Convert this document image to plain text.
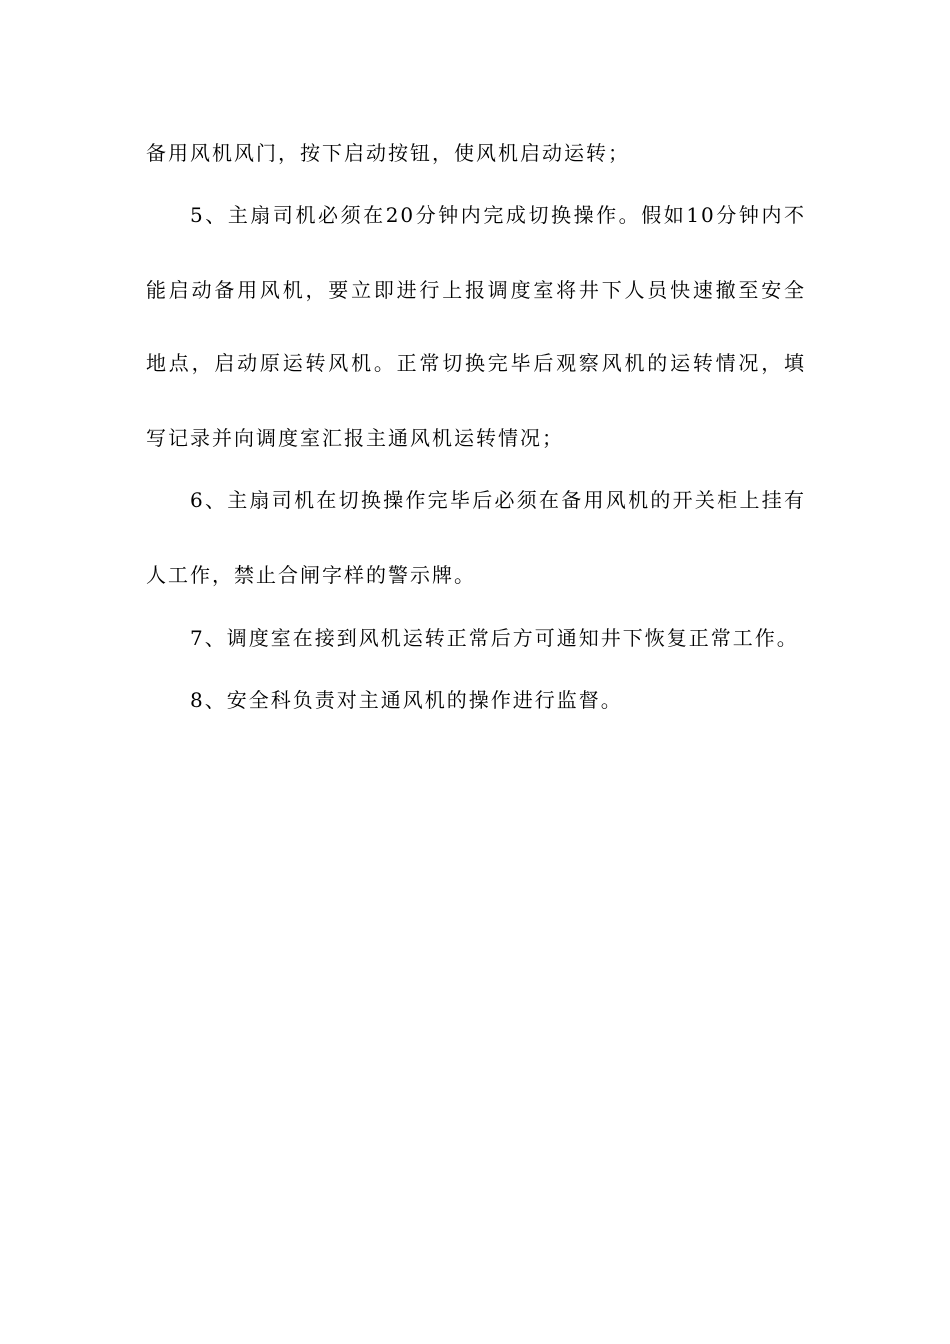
备用风机风门，按下启动按钮，使风机启动运转；
5、主扇司机必须在20分钟内完成切换操作。假如10分钟内不
能启动备用风机，要立即进行上报调度室将井下人员快速撤至安全
地点，启动原运转风机。正常切换完毕后观察风机的运转情况，填
写记录并向调度室汇报主通风机运转情况；
6、主扇司机在切换操作完毕后必须在备用风机的开关柜上挂有
人工作，禁止合闸字样的警示牌。
7、调度室在接到风机运转正常后方可通知井下恢复正常工作。
8、安全科负责对主通风机的操作进行监督。
